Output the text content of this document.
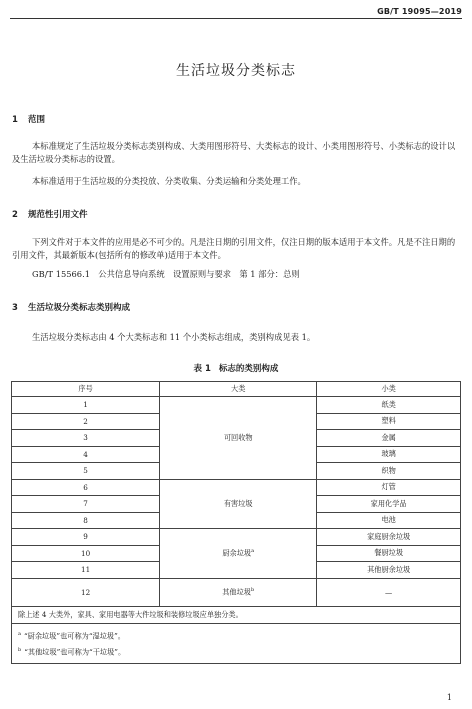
GB/T 19095—2019
生活垃圾分类标志
1 范围
本标准规定了生活垃圾分类标志类别构成、大类用图形符号、大类标志的设计、小类用图形符号、小类标志的设计以及生活垃圾分类标志的设置。
本标准适用于生活垃圾的分类投放、分类收集、分类运输和分类处理工作。
2 规范性引用文件
下列文件对于本文件的应用是必不可少的。凡是注日期的引用文件，仅注日期的版本适用于本文件。凡是不注日期的引用文件，其最新版本(包括所有的修改单)适用于本文件。
GB/T 15566.1　公共信息导向系统　设置原则与要求　第 1 部分：总则
3 生活垃圾分类标志类别构成
生活垃圾分类标志由 4 个大类标志和 11 个小类标志组成，类别构成见表 1。
表 1 标志的类别构成
序号	大类	小类
1	可回收物	纸类
2		塑料
3		金属
4		玻璃
5		织物
6	有害垃圾	灯管
7		家用化学品
8		电池
9	厨余垃圾$^a$	家庭厨余垃圾
10		餐厨垃圾
11		其他厨余垃圾
12	其他垃圾$^b$	—
除上述 4 大类外，家具、家用电器等大件垃圾和装修垃圾应单独分类。		

$^a$ “厨余垃圾”也可称为“湿垃圾”。
$^b$ “其他垃圾”也可称为“干垃圾”。		
1
